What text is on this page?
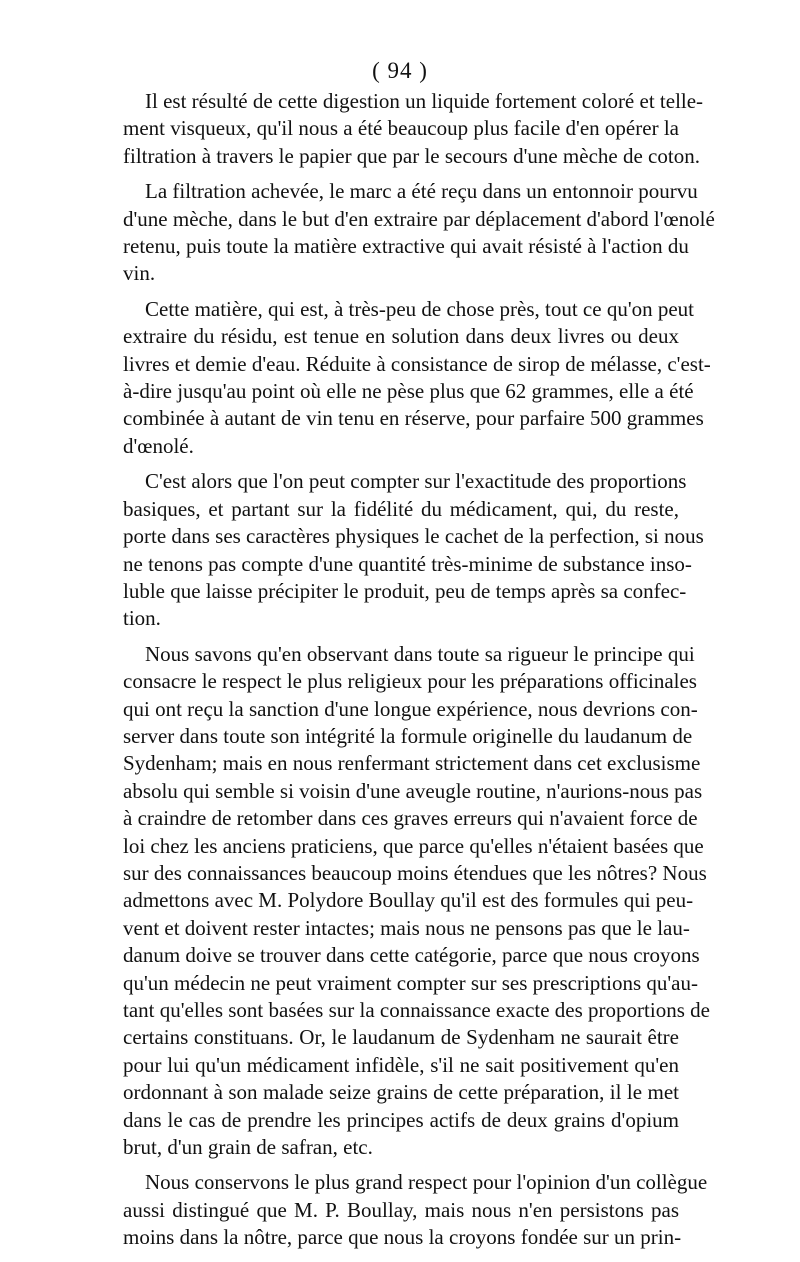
( 94 )

Il est résulté de cette digestion un liquide fortement coloré et telle-
ment visqueux, qu'il nous a été beaucoup plus facile d'en opérer la
filtration à travers le papier que par le secours d'une mèche de coton.

La filtration achevée, le marc a été reçu dans un entonnoir pourvu
d'une mèche, dans le but d'en extraire par déplacement d'abord l'œnolé
retenu, puis toute la matière extractive qui avait résisté à l'action du
vin.

Cette matière, qui est, à très-peu de chose près, tout ce qu'on peut
extraire du résidu, est tenue en solution dans deux livres ou deux
livres et demie d'eau. Réduite à consistance de sirop de mélasse, c'est-
à-dire jusqu'au point où elle ne pèse plus que 62 grammes, elle a été
combinée à autant de vin tenu en réserve, pour parfaire 500 grammes
d'œnolé.

C'est alors que l'on peut compter sur l'exactitude des proportions
basiques, et partant sur la fidélité du médicament, qui, du reste,
porte dans ses caractères physiques le cachet de la perfection, si nous
ne tenons pas compte d'une quantité très-minime de substance inso-
luble que laisse précipiter le produit, peu de temps après sa confec-
tion.

Nous savons qu'en observant dans toute sa rigueur le principe qui
consacre le respect le plus religieux pour les préparations officinales
qui ont reçu la sanction d'une longue expérience, nous devrions con-
server dans toute son intégrité la formule originelle du laudanum de
Sydenham; mais en nous renfermant strictement dans cet exclusisme
absolu qui semble si voisin d'une aveugle routine, n'aurions-nous pas
à craindre de retomber dans ces graves erreurs qui n'avaient force de
loi chez les anciens praticiens, que parce qu'elles n'étaient basées que
sur des connaissances beaucoup moins étendues que les nôtres? Nous
admettons avec M. Polydore Boullay qu'il est des formules qui peu-
vent et doivent rester intactes; mais nous ne pensons pas que le lau-
danum doive se trouver dans cette catégorie, parce que nous croyons
qu'un médecin ne peut vraiment compter sur ses prescriptions qu'au-
tant qu'elles sont basées sur la connaissance exacte des proportions de
certains constituans. Or, le laudanum de Sydenham ne saurait être
pour lui qu'un médicament infidèle, s'il ne sait positivement qu'en
ordonnant à son malade seize grains de cette préparation, il le met
dans le cas de prendre les principes actifs de deux grains d'opium
brut, d'un grain de safran, etc.

Nous conservons le plus grand respect pour l'opinion d'un collègue
aussi distingué que M. P. Boullay, mais nous n'en persistons pas
moins dans la nôtre, parce que nous la croyons fondée sur un prin-
